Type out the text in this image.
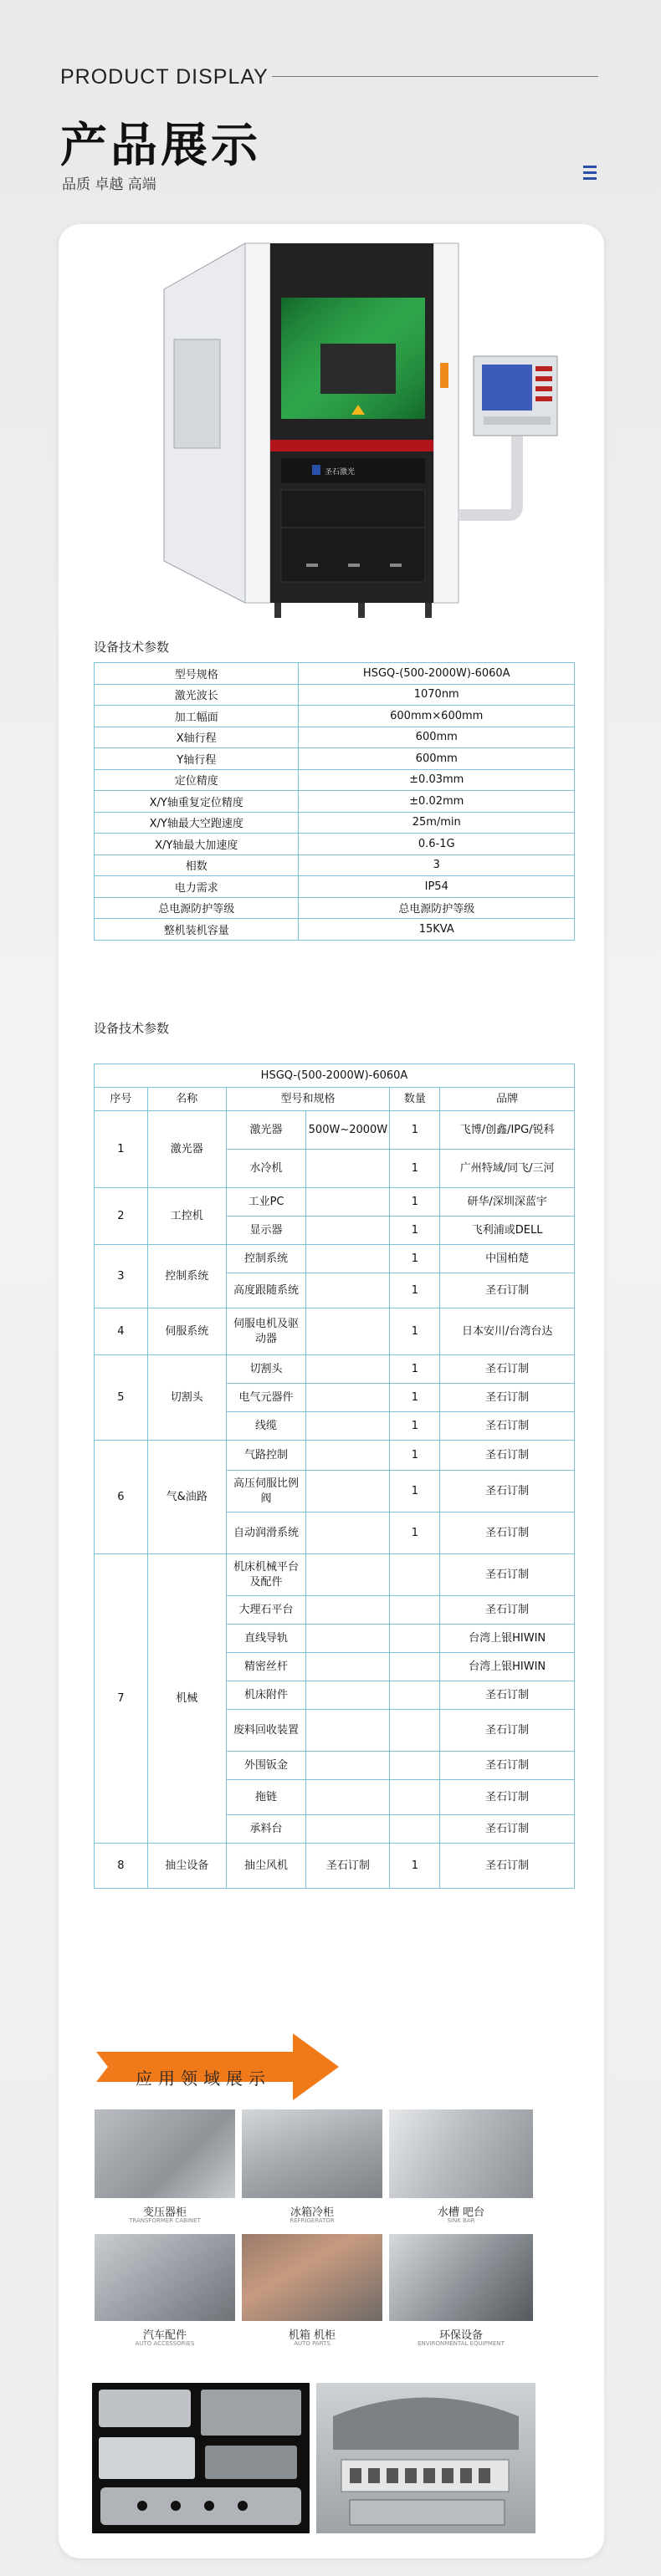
PRODUCT DISPLAY
产品展示
品质 卓越 高端
圣石激光
设备技术参数
型号规格	HSGQ-(500-2000W)-6060A
激光波长	1070nm
加工幅面	600mm×600mm
X轴行程	600mm
Y轴行程	600mm
定位精度	±0.03mm
X/Y轴重复定位精度	±0.02mm
X/Y轴最大空跑速度	25m/min
X/Y轴最大加速度	0.6-1G
相数	3
电力需求	IP54
总电源防护等级	总电源防护等级
整机装机容量	15KVA
设备技术参数
HSGQ-(500-2000W)-6060A					
序号	名称	型号和规格		数量	品牌
1	激光器	激光器	500W~2000W	1	飞博/创鑫/IPG/锐科
		水冷机		1	广州特域/同飞/三河
2	工控机	工业PC		1	研华/深圳深蓝宇
		显示器		1	飞利浦或DELL
3	控制系统	控制系统		1	中国柏楚
		高度跟随系统		1	圣石订制
4	伺服系统	伺服电机及驱动器		1	日本安川/台湾台达
5	切割头	切割头		1	圣石订制
		电气元器件		1	圣石订制
		线缆		1	圣石订制
6	气&油路	气路控制		1	圣石订制
		高压伺服比例阀		1	圣石订制
		自动润滑系统		1	圣石订制
7	机械	机床机械平台及配件			圣石订制
		大理石平台			圣石订制
		直线导轨			台湾上银HIWIN
		精密丝杆			台湾上银HIWIN
		机床附件			圣石订制
		废料回收装置			圣石订制
		外围钣金			圣石订制
		拖链			圣石订制
		承料台			圣石订制
8	抽尘设备	抽尘风机	圣石订制	1	圣石订制
应用领域展示
变压器柜
TRANSFORMER CABINET
冰箱冷柜
REFRIGERATOR
水槽 吧台
SINK BAR
汽车配件
AUTO ACCESSORIES
机箱 机柜
AUTO PARTS
环保设备
ENVIRONMENTAL EQUIPMENT
